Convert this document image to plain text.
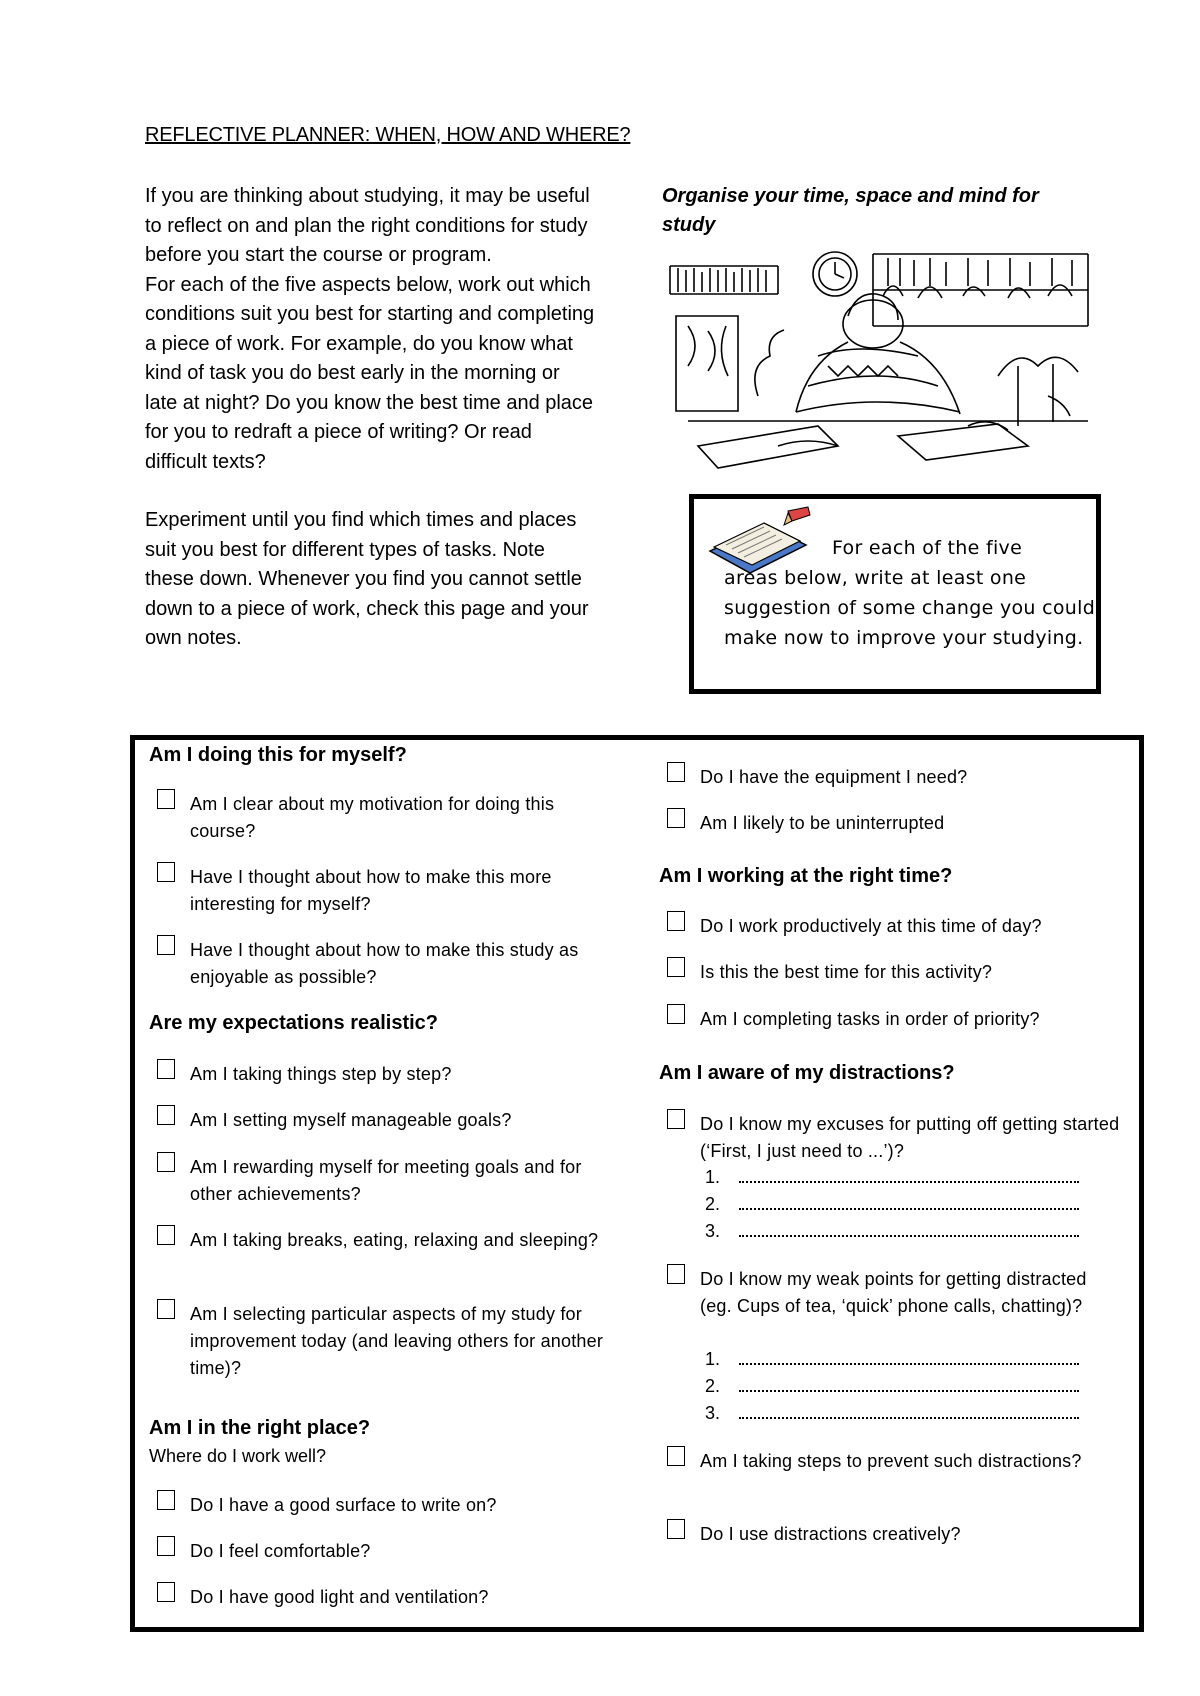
REFLECTIVE PLANNER: WHEN, HOW AND WHERE?

If you are thinking about studying, it may be useful to reflect on and plan the right conditions for study before you start the course or program.

For each of the five aspects below, work out which conditions suit you best for starting and completing a piece of work. For example, do you know what kind of task you do best early in the morning or late at night? Do you know the best time and place for you to redraft a piece of writing? Or read difficult texts?

Experiment until you find which times and places suit you best for different types of tasks. Note these down. Whenever you find you cannot settle down to a piece of work, check this page and your own notes.

Organise your time, space and mind for study
For each of the five
areas below, write at least one suggestion of some change you could make now to improve your studying.
Am I doing this for myself?
Am I clear about my motivation for doing this course?
Have I thought about how to make this more interesting for myself?
Have I thought about how to make this study as enjoyable as possible?
Are my expectations realistic?
Am I taking things step by step?
Am I setting myself manageable goals?
Am I rewarding myself for meeting goals and for other achievements?
Am I taking breaks, eating, relaxing and sleeping?
Am I selecting particular aspects of my study for improvement today (and leaving others for another time)?
Am I in the right place?
Where do I work well?
Do I have a good surface to write on?
Do I feel comfortable?
Do I have good light and ventilation?
Do I have the equipment I need?
Am I likely to be uninterrupted
Am I working at the right time?
Do I work productively at this time of day?
Is this the best time for this activity?
Am I completing tasks in order of priority?
Am I aware of my distractions?
Do I know my excuses for putting off getting started (‘First, I just need to ...’)?
1.
2.
3.
Do I know my weak points for getting distracted (eg. Cups of tea, ‘quick’ phone calls, chatting)?
1.
2.
3.
Am I taking steps to prevent such distractions?
Do I use distractions creatively?
